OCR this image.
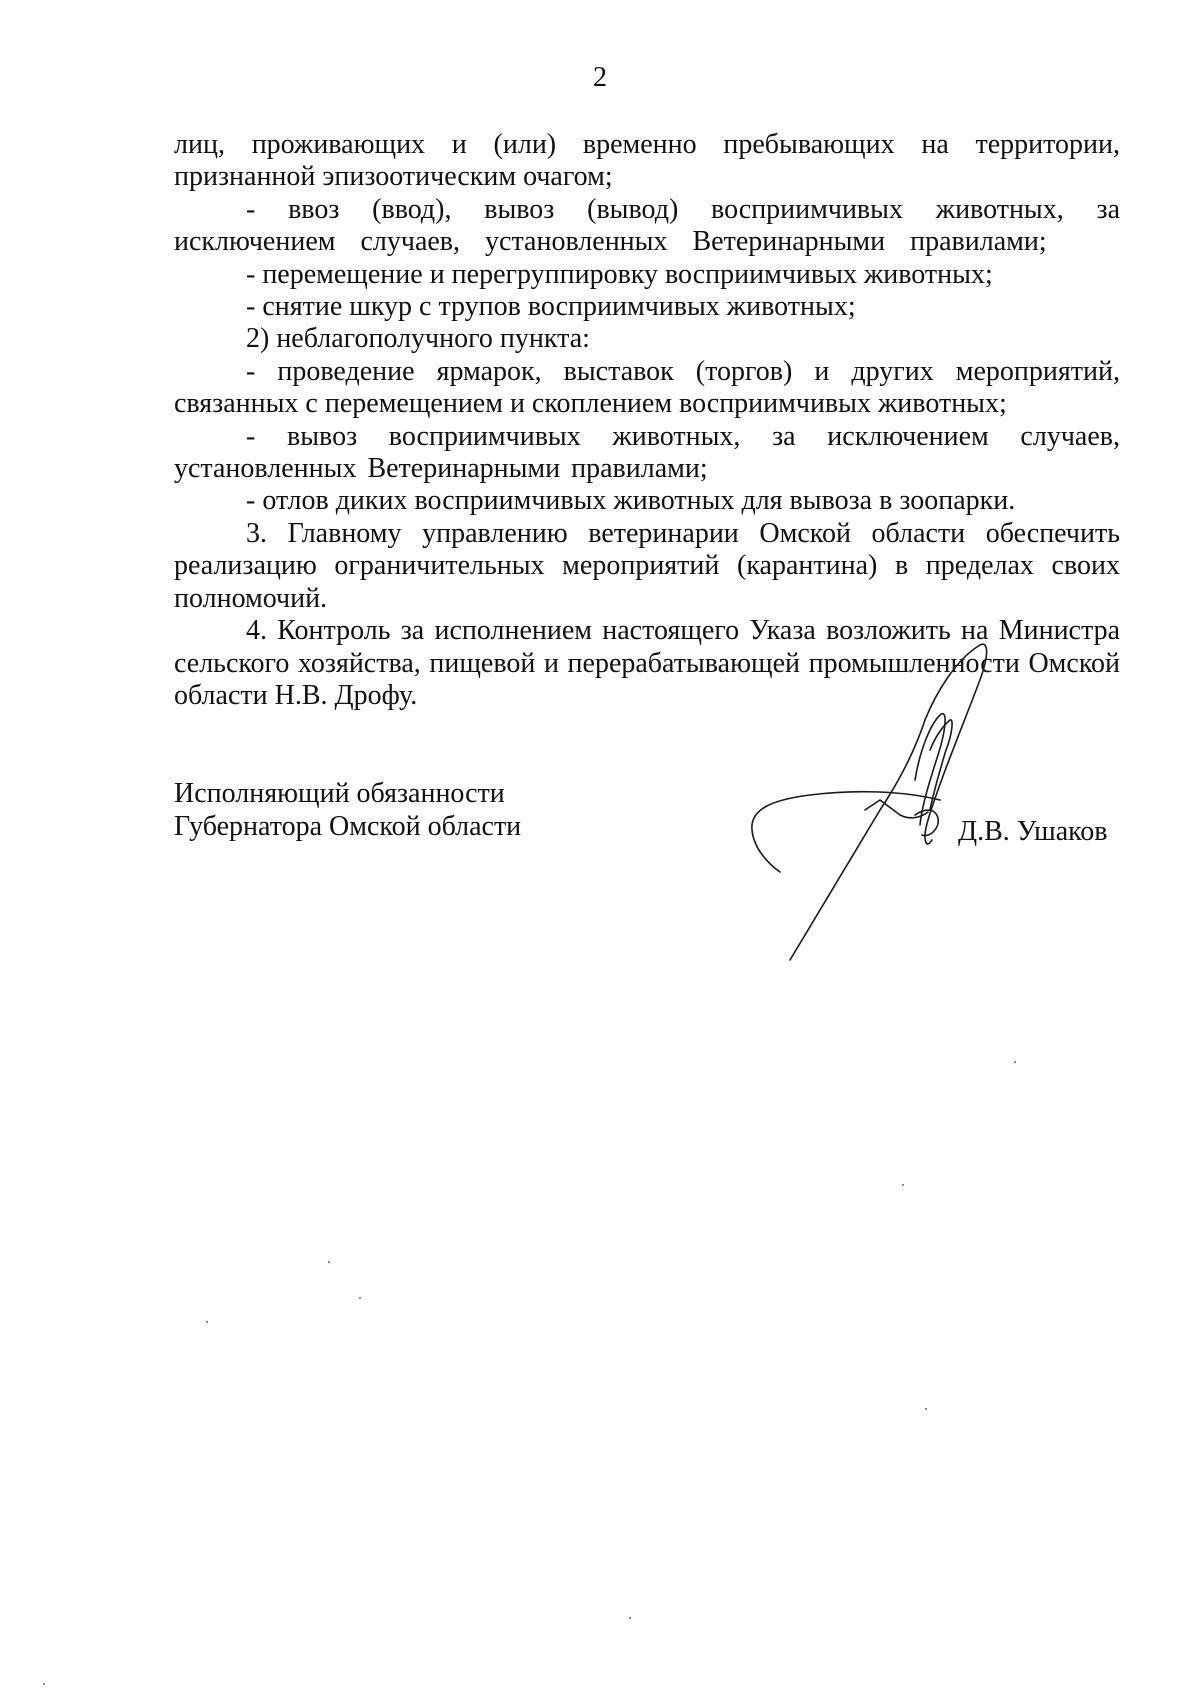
2

лиц, проживающих и (или) временно пребывающих на территории, признанной эпизоотическим очагом;

- ввоз (ввод), вывоз (вывод) восприимчивых животных, за исключением случаев, установленных Ветеринарными правилами;

- перемещение и перегруппировку восприимчивых животных;

- снятие шкур с трупов восприимчивых животных;

2) неблагополучного пункта:

- проведение ярмарок, выставок (торгов) и других мероприятий, связанных с перемещением и скоплением восприимчивых животных;

- вывоз восприимчивых животных, за исключением случаев, установленных Ветеринарными правилами;

- отлов диких восприимчивых животных для вывоза в зоопарки.

3. Главному управлению ветеринарии Омской области обеспечить реализацию ограничительных мероприятий (карантина) в пределах своих полномочий.

4. Контроль за исполнением настоящего Указа возложить на Министра сельского хозяйства, пищевой и перерабатывающей промышленности Омской области Н.В. Дрофу.

Исполняющий обязанности
Губернатора Омской области	Д.В. Ушаков
